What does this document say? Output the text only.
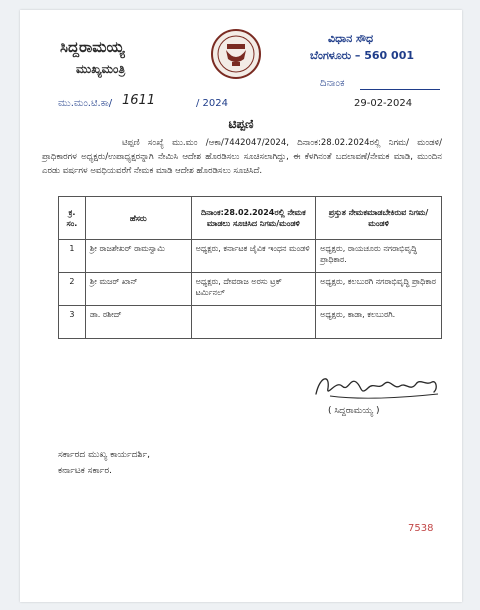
ಸಿದ್ದರಾಮಯ್ಯ
ಮುಖ್ಯಮಂತ್ರಿ
ವಿಧಾನ ಸೌಧ
ಬೆಂಗಳೂರು – 560 001
ದಿನಾಂಕ
ಮು.ಮಂ.ಟಿ.ಕಾ/ 1611	/ 2024	29-02-2024
ಟಿಪ್ಪಣಿ
ಟಿಪ್ಪಣಿ ಸಂಖ್ಯೆ ಮು.ಮಂ /ಆಕಾ/7442047/2024, ದಿನಾಂಕ:28.02.2024ರಲ್ಲಿ ನಿಗಮ/ ಮಂಡಳಿ/ ಪ್ರಾಧಿಕಾರಗಳ ಅಧ್ಯಕ್ಷರು/ಉಪಾಧ್ಯಕ್ಷರನ್ನಾಗಿ ನೇಮಿಸಿ ಆದೇಶ ಹೊರಡಿಸಲು ಸೂಚಿಸಲಾಗಿದ್ದು, ಈ ಕೆಳಗಿನಂತೆ ಬದಲಾವಣೆ/ನೇಮಕ ಮಾಡಿ, ಮುಂದಿನ ಎರಡು ವರ್ಷಗಳ ಅವಧಿಯವರೆಗೆ ನೇಮಕ ಮಾಡಿ ಆದೇಶ ಹೊರಡಿಸಲು ಸೂಚಿಸಿದೆ.
ಕ್ರ. ಸಂ.	ಹೆಸರು	ದಿನಾಂಕ:28.02.2024ರಲ್ಲಿ ನೇಮಕ ಮಾಡಲು ಸೂಚಿಸಿದ ನಿಗಮ/ಮಂಡಳಿ	ಪ್ರಸ್ತುತ ನೇಮಕಮಾಡಬೇಕಿರುವ ನಿಗಮ/ಮಂಡಳಿ
1	ಶ್ರೀ ರಾಜಶೇಖರ್ ರಾಮಸ್ವಾಮಿ	ಅಧ್ಯಕ್ಷರು, ಕರ್ನಾಟಕ ಜೈವಿಕ ಇಂಧನ ಮಂಡಳಿ	ಅಧ್ಯಕ್ಷರು, ರಾಯಚೂರು ನಗರಾಭಿವೃದ್ಧಿ ಪ್ರಾಧಿಕಾರ.
2	ಶ್ರೀ ಮಜರ್ ಖಾನ್	ಅಧ್ಯಕ್ಷರು, ದೇವರಾಜ ಅರಸು ಟ್ರಕ್ ಟರ್ಮಿನಲ್	ಅಧ್ಯಕ್ಷರು, ಕಲಬುರಗಿ ನಗರಾಭಿವೃದ್ಧಿ ಪ್ರಾಧಿಕಾರ
3	ಡಾ. ರಶೀದ್		ಅಧ್ಯಕ್ಷರು, ಕಾಡಾ, ಕಲಬುರಗಿ.
( ಸಿದ್ದರಾಮಯ್ಯ )
ಸರ್ಕಾರದ ಮುಖ್ಯ ಕಾರ್ಯದರ್ಶಿ,
ಕರ್ನಾಟಕ ಸರ್ಕಾರ.
7538
